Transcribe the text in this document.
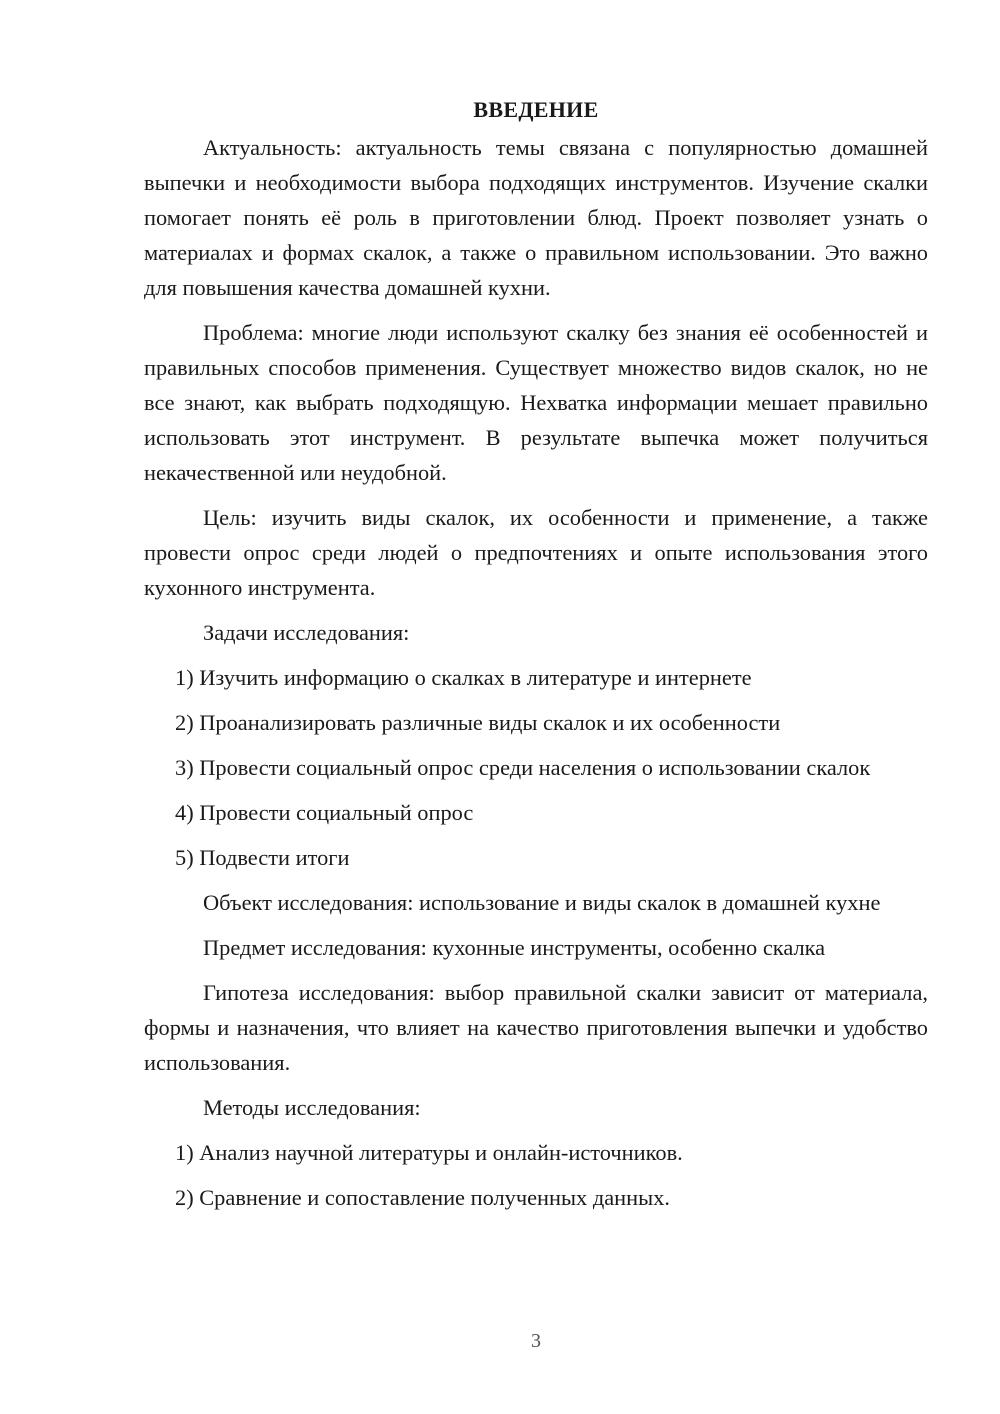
ВВЕДЕНИЕ

Актуальность: актуальность темы связана с популярностью домашней выпечки и необходимости выбора подходящих инструментов. Изучение скалки помогает понять её роль в приготовлении блюд. Проект позволяет узнать о материалах и формах скалок, а также о правильном использовании. Это важно для повышения качества домашней кухни.

Проблема: многие люди используют скалку без знания её особенностей и правильных способов применения. Существует множество видов скалок, но не все знают, как выбрать подходящую. Нехватка информации мешает правильно использовать этот инструмент. В результате выпечка может получиться некачественной или неудобной.

Цель: изучить виды скалок, их особенности и применение, а также провести опрос среди людей о предпочтениях и опыте использования этого кухонного инструмента.

Задачи исследования:

1) Изучить информацию о скалках в литературе и интернете

2) Проанализировать различные виды скалок и их особенности

3) Провести социальный опрос среди населения о использовании скалок

4) Провести социальный опрос

5) Подвести итоги

Объект исследования: использование и виды скалок в домашней кухне

Предмет исследования: кухонные инструменты, особенно скалка

Гипотеза исследования: выбор правильной скалки зависит от материала, формы и назначения, что влияет на качество приготовления выпечки и удобство использования.

Методы исследования:

1) Анализ научной литературы и онлайн-источников.

2) Сравнение и сопоставление полученных данных.

3
